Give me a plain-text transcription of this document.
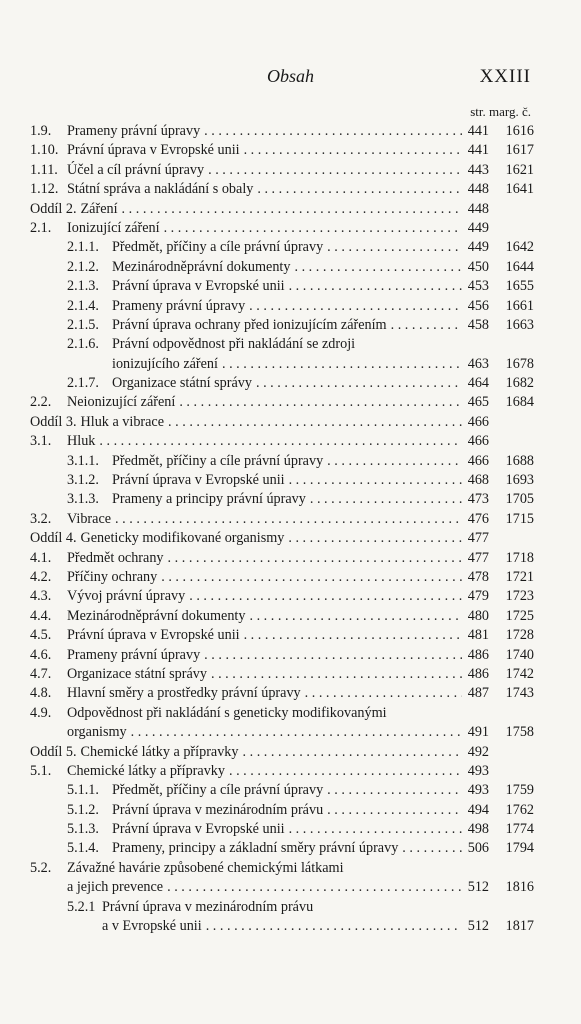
Obsah	XXIII
str. marg. č.
1.9.	Prameny právní úpravy . . .	441	1616
1.10. Právní úprava v Evropské unii . . .	441	1617
1.11. Účel a cíl právní úpravy . . .	443	1621
1.12. Státní správa a nakládání s obaly . . .	448	1641
Oddíl 2. Záření . . .	448
2.1.	Ionizující záření . . .	449
2.1.1. Předmět, příčiny a cíle právní úpravy . . .	449	1642
2.1.2. Mezinárodněprávní dokumenty . . .	450	1644
2.1.3. Právní úprava v Evropské unii . . .	453	1655
2.1.4. Prameny právní úpravy . . .	456	1661
2.1.5. Právní úprava ochrany před ionizujícím zářením . . .	458	1663
2.1.6. Právní odpovědnost při nakládání se zdroji
ionizujícího záření . . .	463	1678
2.1.7. Organizace státní správy . . .	464	1682
2.2.	Neionizující záření . . .	465	1684
Oddíl 3. Hluk a vibrace . . .	466
3.1.	Hluk . . .	466
3.1.1. Předmět, příčiny a cíle právní úpravy . . .	466	1688
3.1.2. Právní úprava v Evropské unii . . .	468	1693
3.1.3. Prameny a principy právní úpravy . . .	473	1705
3.2.	Vibrace . . .	476	1715
Oddíl 4. Geneticky modifikované organismy . . .	477
4.1.	Předmět ochrany . . .	477	1718
4.2.	Příčiny ochrany . . .	478	1721
4.3.	Vývoj právní úpravy . . .	479	1723
4.4.	Mezinárodněprávní dokumenty . . .	480	1725
4.5.	Právní úprava v Evropské unii . . .	481	1728
4.6.	Prameny právní úpravy . . .	486	1740
4.7.	Organizace státní správy . . .	486	1742
4.8.	Hlavní směry a prostředky právní úpravy . . .	487	1743
4.9.	Odpovědnost při nakládání s geneticky modifikovanými
organismy . . .	491	1758
Oddíl 5. Chemické látky a přípravky . . .	492
5.1.	Chemické látky a přípravky . . .	493
5.1.1. Předmět, příčiny a cíle právní úpravy . . .	493	1759
5.1.2. Právní úprava v mezinárodním právu . . .	494	1762
5.1.3. Právní úprava v Evropské unii . . .	498	1774
5.1.4. Prameny, principy a základní směry právní úpravy . . .	506	1794
5.2.	Závažné havárie způsobené chemickými látkami
a jejich prevence . . .	512	1816
5.2.1 Právní úprava v mezinárodním právu
a v Evropské unii . . .	512	1817
